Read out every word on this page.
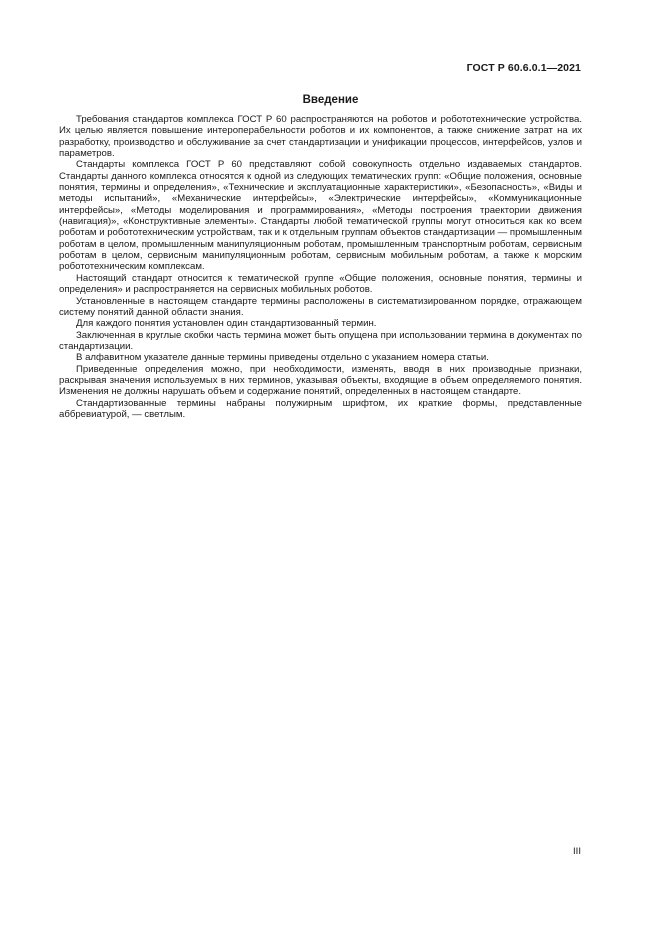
ГОСТ Р 60.6.0.1—2021
Введение

Требования стандартов комплекса ГОСТ Р 60 распространяются на роботов и робототехнические устройства. Их целью является повышение интероперабельности роботов и их компонентов, а также снижение затрат на их разработку, производство и обслуживание за счет стандартизации и унификации процессов, интерфейсов, узлов и параметров.

Стандарты комплекса ГОСТ Р 60 представляют собой совокупность отдельно издаваемых стандартов. Стандарты данного комплекса относятся к одной из следующих тематических групп: «Общие положения, основные понятия, термины и определения», «Технические и эксплуатационные характеристики», «Безопасность», «Виды и методы испытаний», «Механические интерфейсы», «Электрические интерфейсы», «Коммуникационные интерфейсы», «Методы моделирования и программирования», «Методы построения траектории движения (навигация)», «Конструктивные элементы». Стандарты любой тематической группы могут относиться как ко всем роботам и робототехническим устройствам, так и к отдельным группам объектов стандартизации — промышленным роботам в целом, промышленным манипуляционным роботам, промышленным транспортным роботам, сервисным роботам в целом, сервисным манипуляционным роботам, сервисным мобильным роботам, а также к морским робототехническим комплексам.

Настоящий стандарт относится к тематической группе «Общие положения, основные понятия, термины и определения» и распространяется на сервисных мобильных роботов.

Установленные в настоящем стандарте термины расположены в систематизированном порядке, отражающем систему понятий данной области знания.

Для каждого понятия установлен один стандартизованный термин.

Заключенная в круглые скобки часть термина может быть опущена при использовании термина в документах по стандартизации.

В алфавитном указателе данные термины приведены отдельно с указанием номера статьи.

Приведенные определения можно, при необходимости, изменять, вводя в них производные признаки, раскрывая значения используемых в них терминов, указывая объекты, входящие в объем определяемого понятия. Изменения не должны нарушать объем и содержание понятий, определенных в настоящем стандарте.

Стандартизованные термины набраны полужирным шрифтом, их краткие формы, представленные аббревиатурой, — светлым.

III
